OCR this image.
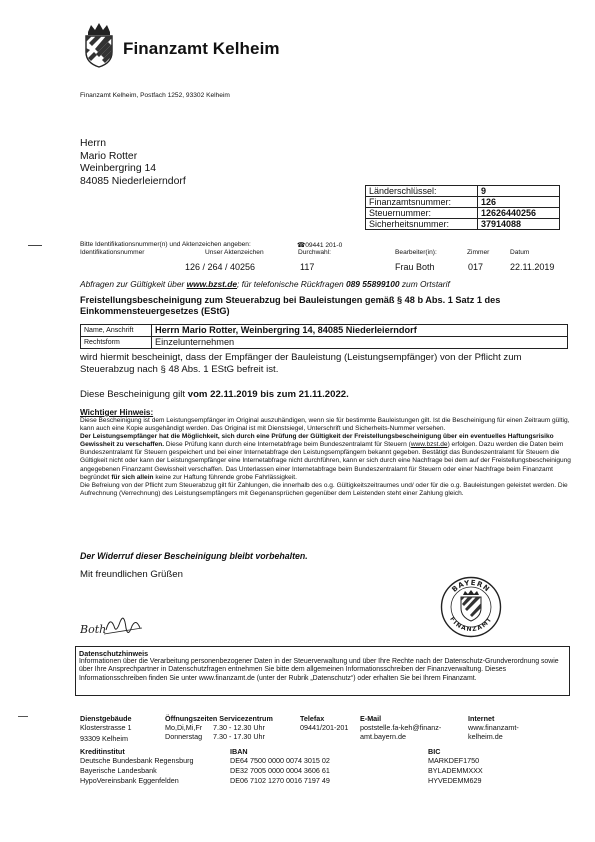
Finanzamt Kelheim
Finanzamt Kelheim, Postfach 1252, 93302 Kelheim
Herrn
Mario Rotter
Weinbergring 14
84085 Niederleierndorf
Länderschlüssel:	9
Finanzamtsnummer:	126
Steuernummer:	12626440256
Sicherheitsnummer:	37914088
Bitte Identifikationsnummer(n) und Aktenzeichen angeben:	☎09441 201-0
Identifikationsnummer	Unser Aktenzeichen	Durchwahl:	Bearbeiter(in):	Zimmer	Datum
126 / 264 / 40256	117	Frau Both	017	22.11.2019
Abfragen zur Gültigkeit über www.bzst.de; für telefonische Rückfragen 089 55899100 zum Ortstarif
Freistellungsbescheinigung zum Steuerabzug bei Bauleistungen gemäß § 48 b Abs. 1 Satz 1 des Einkommensteuergesetzes (EStG)
Name, Anschrift	Herrn Mario Rotter, Weinbergring 14, 84085 Niederleierndorf
Rechtsform	Einzelunternehmen
wird hiermit bescheinigt, dass der Empfänger der Bauleistung (Leistungsempfänger) von der Pflicht zum Steuerabzug nach § 48 Abs. 1 EStG befreit ist.
Diese Bescheinigung gilt vom 22.11.2019 bis zum 21.11.2022.
Wichtiger Hinweis:

Diese Bescheinigung ist dem Leistungsempfänger im Original auszuhändigen, wenn sie für bestimmte Bauleistungen gilt. Ist die Bescheinigung für einen Zeitraum gültig, kann auch eine Kopie ausgehändigt werden. Das Original ist mit Dienstsiegel, Unterschrift und Sicherheits-Nummer versehen.

Der Leistungsempfänger hat die Möglichkeit, sich durch eine Prüfung der Gültigkeit der Freistellungsbescheinigung über ein eventuelles Haftungsrisiko Gewissheit zu verschaffen. Diese Prüfung kann durch eine Internetabfrage beim Bundeszentralamt für Steuern (www.bzst.de) erfolgen. Dazu werden die Daten beim Bundeszentralamt für Steuern gespeichert und bei einer Internetabfrage den Leistungsempfängern bekannt gegeben. Bestätigt das Bundeszentralamt für Steuern die Gültigkeit nicht oder kann der Leistungsempfänger eine Internetabfrage nicht durchführen, kann er sich durch eine Nachfrage bei dem auf der Freistellungsbescheinigung angegebenen Finanzamt Gewissheit verschaffen. Das Unterlassen einer Internetabfrage beim Bundeszentralamt für Steuern oder einer Nachfrage beim Finanzamt begründet für sich allein keine zur Haftung führende grobe Fahrlässigkeit.

Die Befreiung von der Pflicht zum Steuerabzug gilt für Zahlungen, die innerhalb des o.g. Gültigkeitszeitraumes und/ oder für die o.g. Bauleistungen geleistet werden. Die Aufrechnung (Verrechnung) des Leistungsempfängers mit Gegenansprüchen gegenüber dem Leistenden steht einer Zahlung gleich.

Der Widerruf dieser Bescheinigung bleibt vorbehalten.
Mit freundlichen Grüßen
Both
BAYERN
FINANZAMT
Datenschutzhinweis
Informationen über die Verarbeitung personenbezogener Daten in der Steuerverwaltung und über Ihre Rechte nach der Datenschutz-Grundverordnung sowie über Ihre Ansprechpartner in Datenschutzfragen entnehmen Sie bitte dem allgemeinen Informationsschreiben der Finanzverwaltung. Dieses Informationsschreiben finden Sie unter www.finanzamt.de (unter der Rubrik „Datenschutz“) oder erhalten Sie bei Ihrem Finanzamt.
Dienstgebäude
Klosterstrasse 1
93309 Kelheim
Öffnungszeiten Servicezentrum
Mo,Di,Mi,Fr 7.30 - 12.30 Uhr
Donnerstag 7.30 - 17.30 Uhr
Telefax
09441/201-201
E-Mail
poststelle.fa-keh@finanz-
amt.bayern.de
Internet
www.finanzamt-
kelheim.de
Kreditinstitut	IBAN	BIC
Deutsche Bundesbank Regensburg	DE64 7500 0000 0074 3015 02	MARKDEF1750
Bayerische Landesbank	DE32 7005 0000 0004 3606 61	BYLADEMMXXX
HypoVereinsbank Eggenfelden	DE06 7102 1270 0016 7197 49	HYVEDEMM629
